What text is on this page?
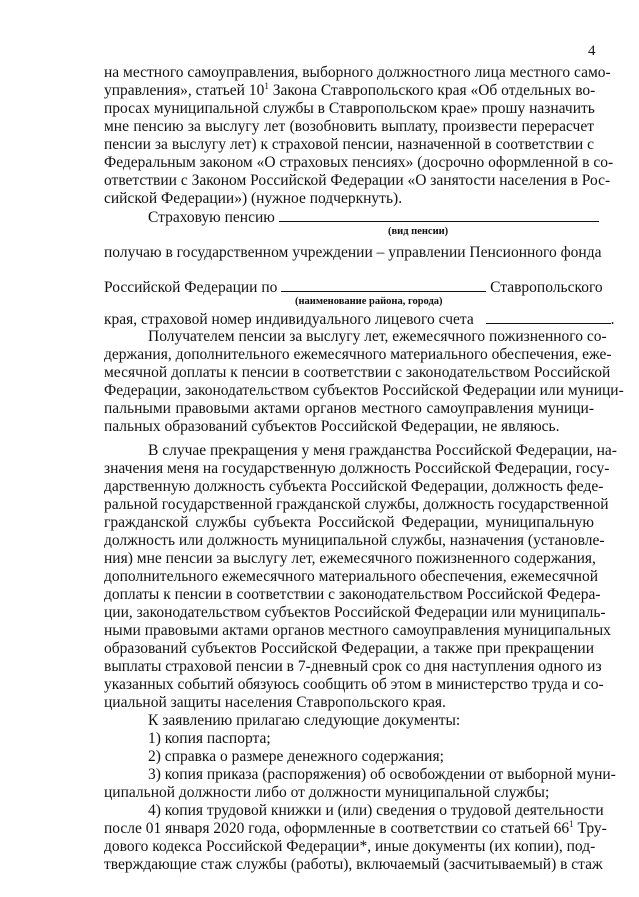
4
на местного самоуправления, выборного должностного лица местного само-
управления», статьей $10^1$ Закона Ставропольского края «Об отдельных во-
просах муниципальной службы в Ставропольском крае» прошу назначить
мне пенсию за выслугу лет (возобновить выплату, произвести перерасчет
пенсии за выслугу лет) к страховой пенсии, назначенной в соответствии с
Федеральным законом «О страховых пенсиях» (досрочно оформленной в со-
ответствии с Законом Российской Федерации «О занятости населения в Рос-
сийской Федерации») (нужное подчеркнуть).
Страховую пенсию
(вид пенсии)
получаю в государственном учреждении – управлении Пенсионного фонда
Российской Федерации по	Ставропольского
(наименование района, города)
края, страховой номер индивидуального лицевого счета	.
Получателем пенсии за выслугу лет, ежемесячного пожизненного со-
держания, дополнительного ежемесячного материального обеспечения, еже-
месячной доплаты к пенсии в соответствии с законодательством Российской
Федерации, законодательством субъектов Российской Федерации или муници-
пальными правовыми актами органов местного самоуправления муници-
пальных образований субъектов Российской Федерации, не являюсь.
В случае прекращения у меня гражданства Российской Федерации, на-
значения меня на государственную должность Российской Федерации, госу-
дарственную должность субъекта Российской Федерации, должность феде-
ральной государственной гражданской службы, должность государственной
гражданской службы субъекта Российской Федерации, муниципальную
должность или должность муниципальной службы, назначения (установле-
ния) мне пенсии за выслугу лет, ежемесячного пожизненного содержания,
дополнительного ежемесячного материального обеспечения, ежемесячной
доплаты к пенсии в соответствии с законодательством Российской Федера-
ции, законодательством субъектов Российской Федерации или муниципаль-
ными правовыми актами органов местного самоуправления муниципальных
образований субъектов Российской Федерации, а также при прекращении
выплаты страховой пенсии в 7-дневный срок со дня наступления одного из
указанных событий обязуюсь сообщить об этом в министерство труда и со-
циальной защиты населения Ставропольского края.
К заявлению прилагаю следующие документы:
1) копия паспорта;
2) справка о размере денежного содержания;
3) копия приказа (распоряжения) об освобождении от выборной муни-
ципальной должности либо от должности муниципальной службы;
4) копия трудовой книжки и (или) сведения о трудовой деятельности
после 01 января 2020 года, оформленные в соответствии со статьей $66^1$ Тру-
дового кодекса Российской Федерации*, иные документы (их копии), под-
тверждающие стаж службы (работы), включаемый (засчитываемый) в стаж
